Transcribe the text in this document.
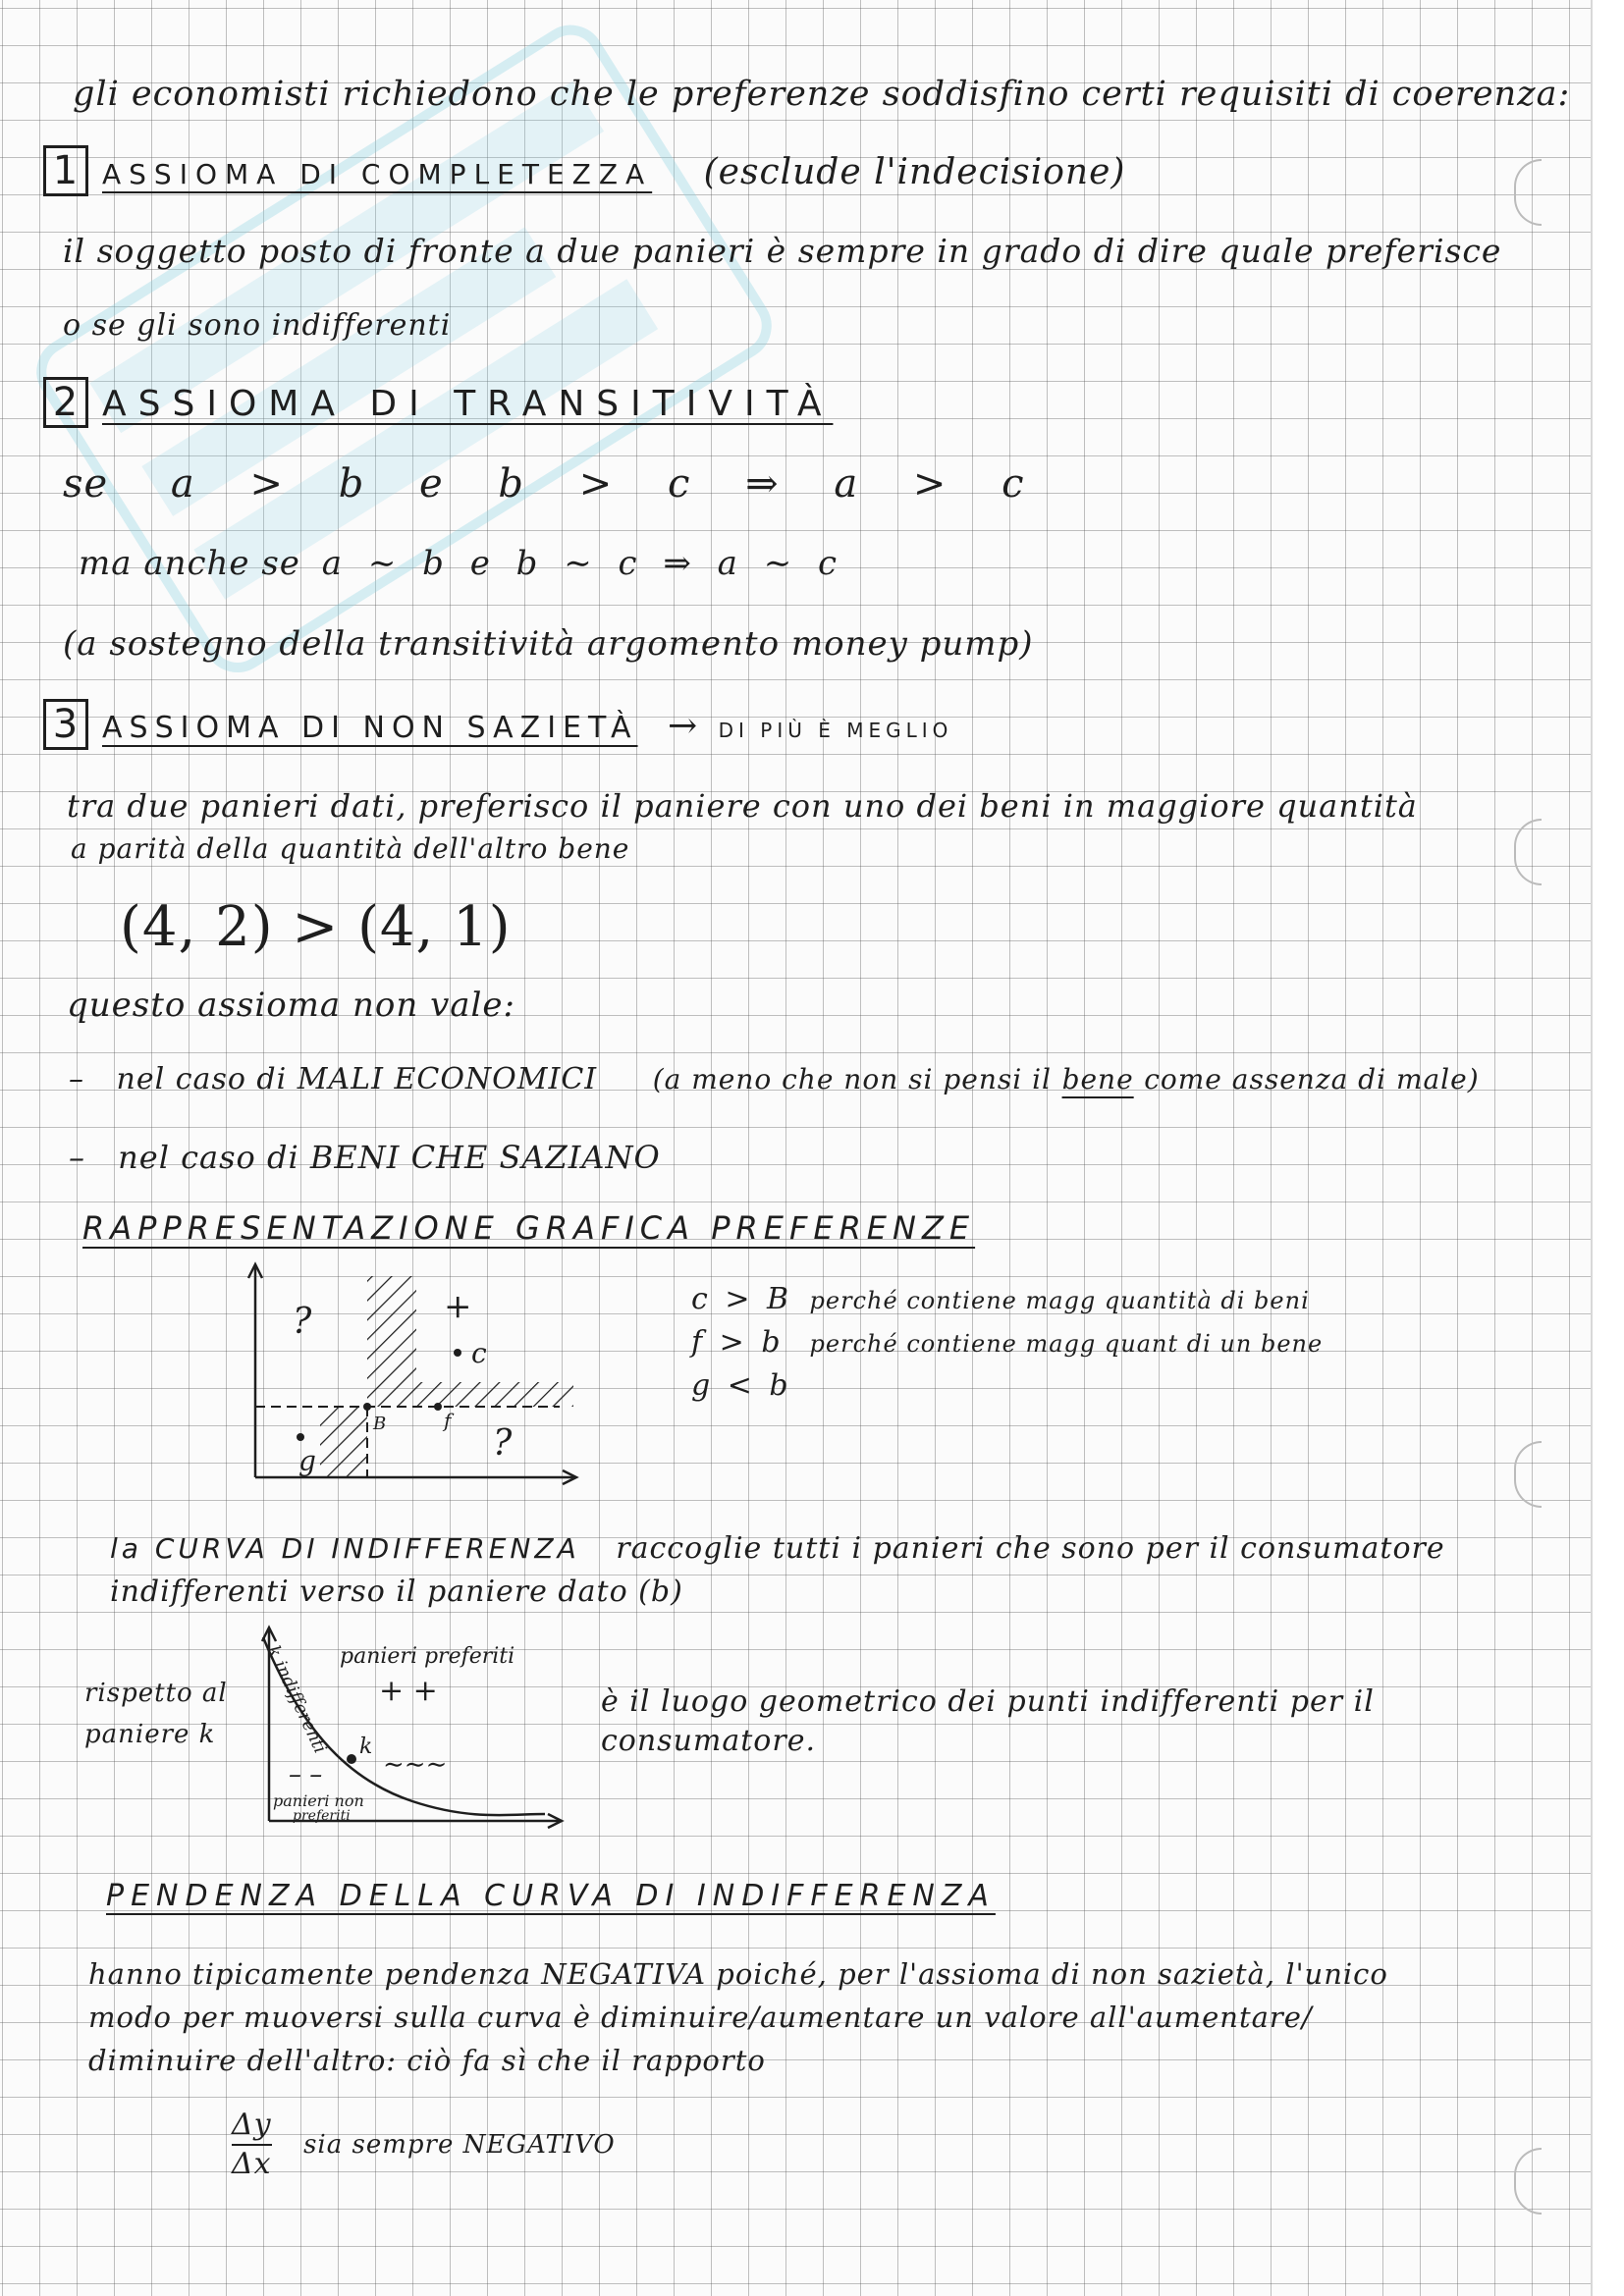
gli economisti richiedono che le preferenze soddisfino certi requisiti di coerenza:
1 ASSIOMA DI COMPLETEZZA (esclude l'indecisione)
il soggetto posto di fronte a due panieri è sempre in grado di dire quale preferisce
o se gli sono indifferenti
2 ASSIOMA DI TRANSITIVITÀ
se a > b e b > c ⇒ a > c
ma anche se a ∼ b e b ∼ c ⇒ a ∼ c
(a sostegno della transitività argomento money pump)
3 ASSIOMA DI NON SAZIETÀ → DI PIÙ È MEGLIO
tra due panieri dati, preferisco il paniere con uno dei beni in maggiore quantità
a parità della quantità dell'altro bene
(4, 2) > (4, 1)
questo assioma non vale:
– nel caso di MALI ECONOMICI (a meno che non si pensi il bene come assenza di male)
– nel caso di BENI CHE SAZIANO
RAPPRESENTAZIONE GRAFICA PREFERENZE
?
?
+
c
B	f
g
c > B perché contiene magg quantità di beni
f > b perché contiene magg quant di un bene
g < b
la CURVA DI INDIFFERENZA raccoglie tutti i panieri che sono per il consumatore
indifferenti verso il paniere dato (b)
rispetto al
paniere k	k indifferenti panieri preferiti
+ +
k
∼∼∼
– –
panieri non
preferiti
è il luogo geometrico dei punti indifferenti per il
consumatore.
PENDENZA DELLA CURVA DI INDIFFERENZA
hanno tipicamente pendenza NEGATIVA poiché, per l'assioma di non sazietà, l'unico
modo per muoversi sulla curva è diminuire/aumentare un valore all'aumentare/
diminuire dell'altro: ciò fa sì che il rapporto
$\frac{\Delta y}{\Delta x}$ sia sempre NEGATIVO
